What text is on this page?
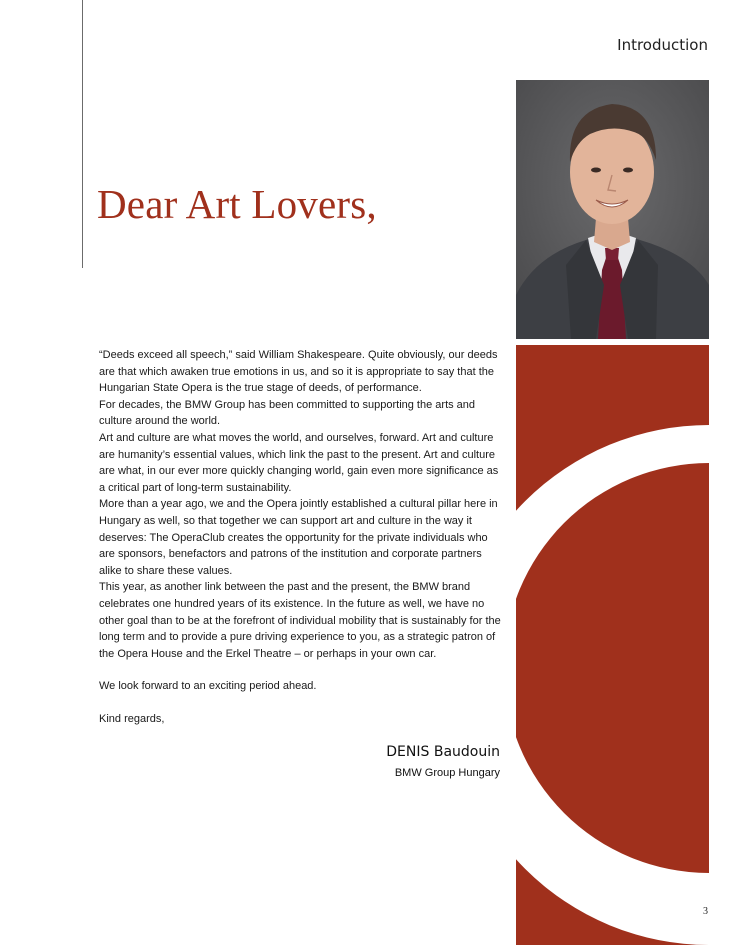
Introduction
Dear Art Lovers,

“Deeds exceed all speech,” said William Shakespeare. Quite obviously, our deeds are that which awaken true emotions in us, and so it is appropriate to say that the Hungarian State Opera is the true stage of deeds, of performance.

For decades, the BMW Group has been committed to supporting the arts and culture around the world.

Art and culture are what moves the world, and ourselves, forward. Art and culture are humanity’s essential values, which link the past to the present. Art and culture are what, in our ever more quickly changing world, gain even more significance as a critical part of long-term sustainability.

More than a year ago, we and the Opera jointly established a cultural pillar here in Hungary as well, so that together we can support art and culture in the way it deserves: The OperaClub creates the opportunity for the private individuals who are sponsors, benefactors and patrons of the institution and corporate partners alike to share these values.

This year, as another link between the past and the present, the BMW brand celebrates one hundred years of its existence. In the future as well, we have no other goal than to be at the forefront of individual mobility that is sustainably for the long term and to provide a pure driving experience to you, as a strategic patron of the Opera House and the Erkel Theatre – or perhaps in your own car.

We look forward to an exciting period ahead.

Kind regards,

DENIS Baudouin
BMW Group Hungary
3
